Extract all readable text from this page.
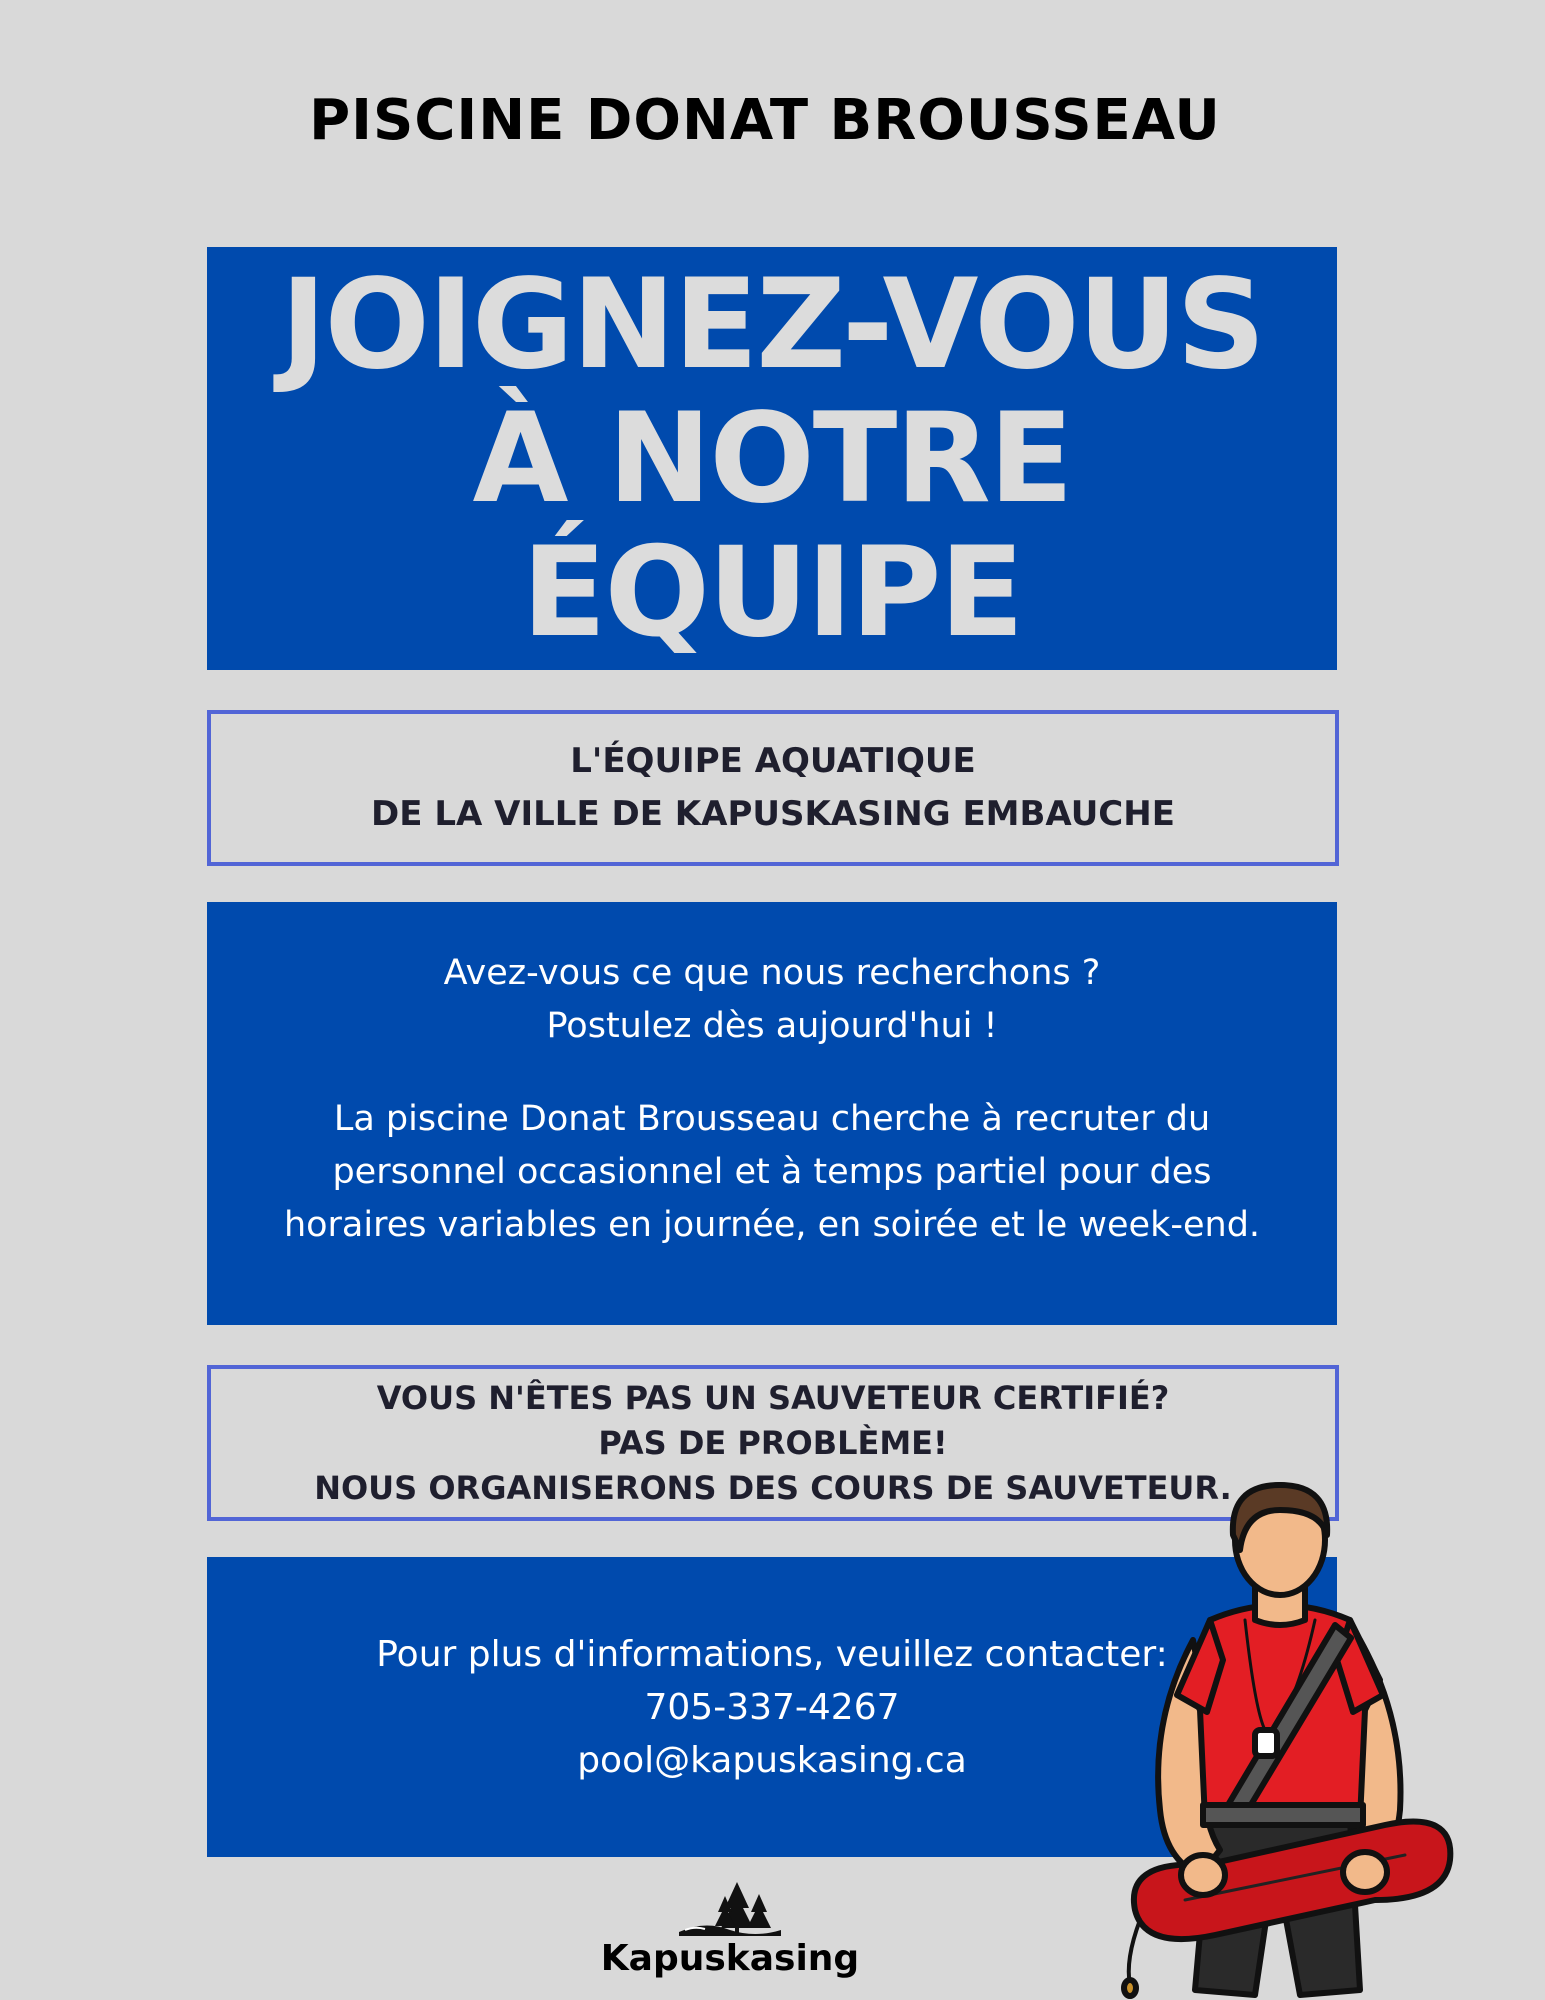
PISCINE DONAT BROUSSEAU
JOIGNEZ-VOUS
À NOTRE
ÉQUIPE
L'ÉQUIPE AQUATIQUE
DE LA VILLE DE KAPUSKASING EMBAUCHE
Avez-vous ce que nous recherchons ?
Postulez dès aujourd'hui !
La piscine Donat Brousseau cherche à recruter du
personnel occasionnel et à temps partiel pour des
horaires variables en journée, en soirée et le week-end.
VOUS N'ÊTES PAS UN SAUVETEUR CERTIFIÉ?
PAS DE PROBLÈME!
NOUS ORGANISERONS DES COURS DE SAUVETEUR.
Pour plus d'informations, veuillez contacter:
705-337-4267
pool@kapuskasing.ca
Kapuskasing
